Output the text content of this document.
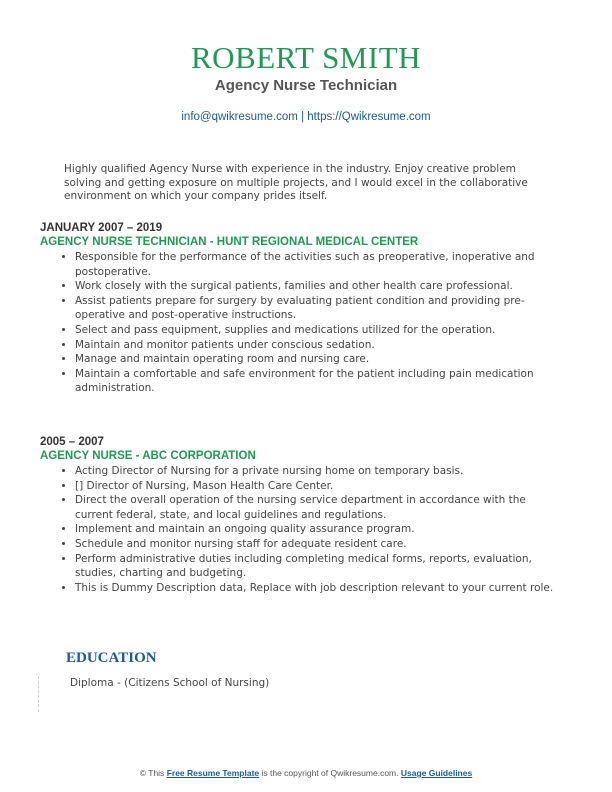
ROBERT SMITH
Agency Nurse Technician
info@qwikresume.com | https://Qwikresume.com
Highly qualified Agency Nurse with experience in the industry. Enjoy creative problem solving and getting exposure on multiple projects, and I would excel in the collaborative environment on which your company prides itself.
JANUARY 2007 – 2019
AGENCY NURSE TECHNICIAN - HUNT REGIONAL MEDICAL CENTER
• Responsible for the performance of the activities such as preoperative, inoperative and postoperative.
• Work closely with the surgical patients, families and other health care professional.
• Assist patients prepare for surgery by evaluating patient condition and providing pre-operative and post-operative instructions.
• Select and pass equipment, supplies and medications utilized for the operation.
• Maintain and monitor patients under conscious sedation.
• Manage and maintain operating room and nursing care.
• Maintain a comfortable and safe environment for the patient including pain medication administration.
2005 – 2007
AGENCY NURSE - ABC CORPORATION
• Acting Director of Nursing for a private nursing home on temporary basis.
• [] Director of Nursing, Mason Health Care Center.
• Direct the overall operation of the nursing service department in accordance with the current federal, state, and local guidelines and regulations.
• Implement and maintain an ongoing quality assurance program.
• Schedule and monitor nursing staff for adequate resident care.
• Perform administrative duties including completing medical forms, reports, evaluation, studies, charting and budgeting.
• This is Dummy Description data, Replace with job description relevant to your current role.
EDUCATION
Diploma - (Citizens School of Nursing)
© This Free Resume Template is the copyright of Qwikresume.com. Usage Guidelines
